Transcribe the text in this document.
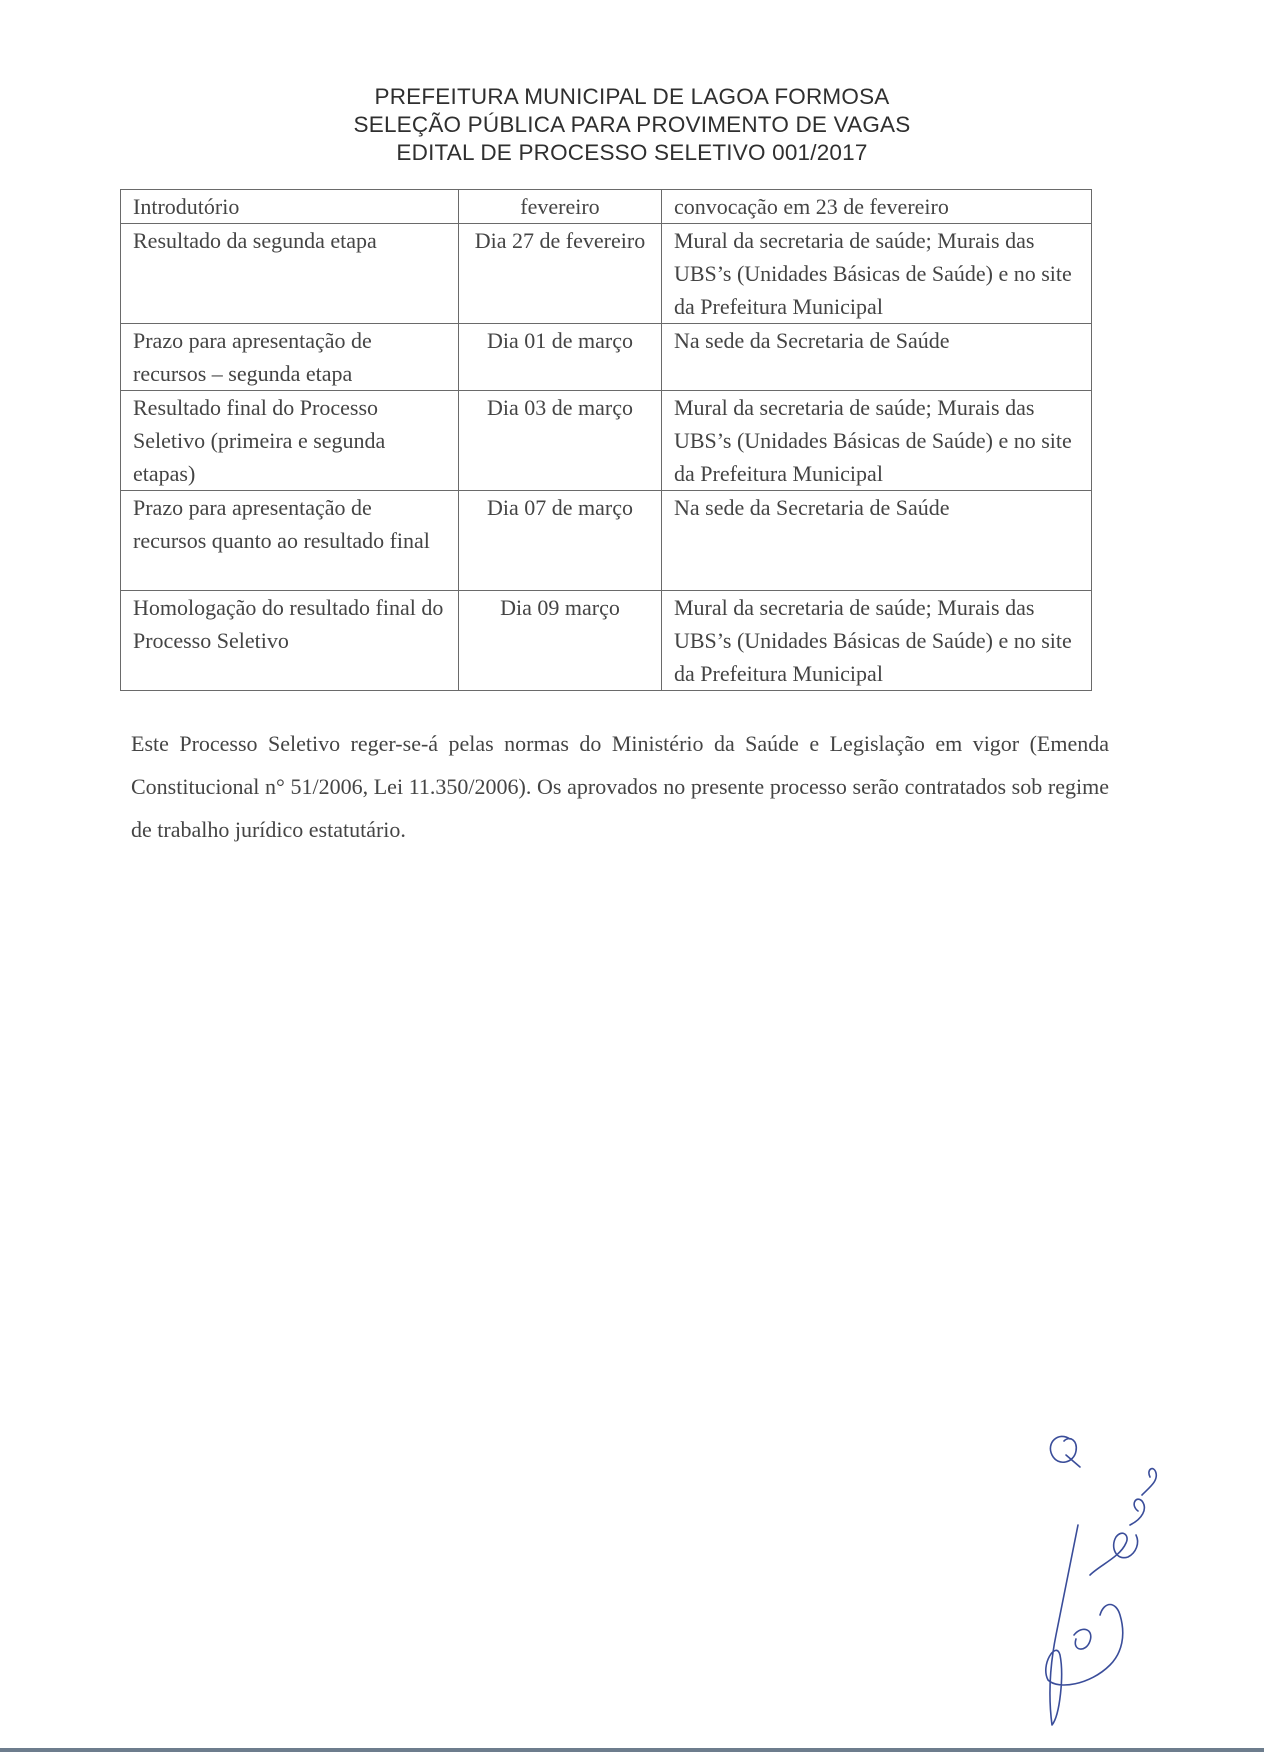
PREFEITURA MUNICIPAL DE LAGOA FORMOSA
SELEÇÃO PÚBLICA PARA PROVIMENTO DE VAGAS
EDITAL DE PROCESSO SELETIVO 001/2017
Introdutório	fevereiro	convocação em 23 de fevereiro
Resultado da segunda etapa	Dia 27 de fevereiro	Mural da secretaria de saúde; Murais das UBS’s (Unidades Básicas de Saúde) e no site da Prefeitura Municipal
Prazo para apresentação de recursos – segunda etapa	Dia 01 de março	Na sede da Secretaria de Saúde
Resultado final do Processo Seletivo (primeira e segunda etapas)	Dia 03 de março	Mural da secretaria de saúde; Murais das UBS’s (Unidades Básicas de Saúde) e no site da Prefeitura Municipal
Prazo para apresentação de recursos quanto ao resultado final	Dia 07 de março	Na sede da Secretaria de Saúde
Homologação do resultado final do Processo Seletivo	Dia 09 março	Mural da secretaria de saúde; Murais das UBS’s (Unidades Básicas de Saúde) e no site da Prefeitura Municipal
Este Processo Seletivo reger-se-á pelas normas do Ministério da Saúde e Legislação em vigor (Emenda Constitucional n° 51/2006, Lei 11.350/2006). Os aprovados no presente processo serão contratados sob regime de trabalho jurídico estatutário.
